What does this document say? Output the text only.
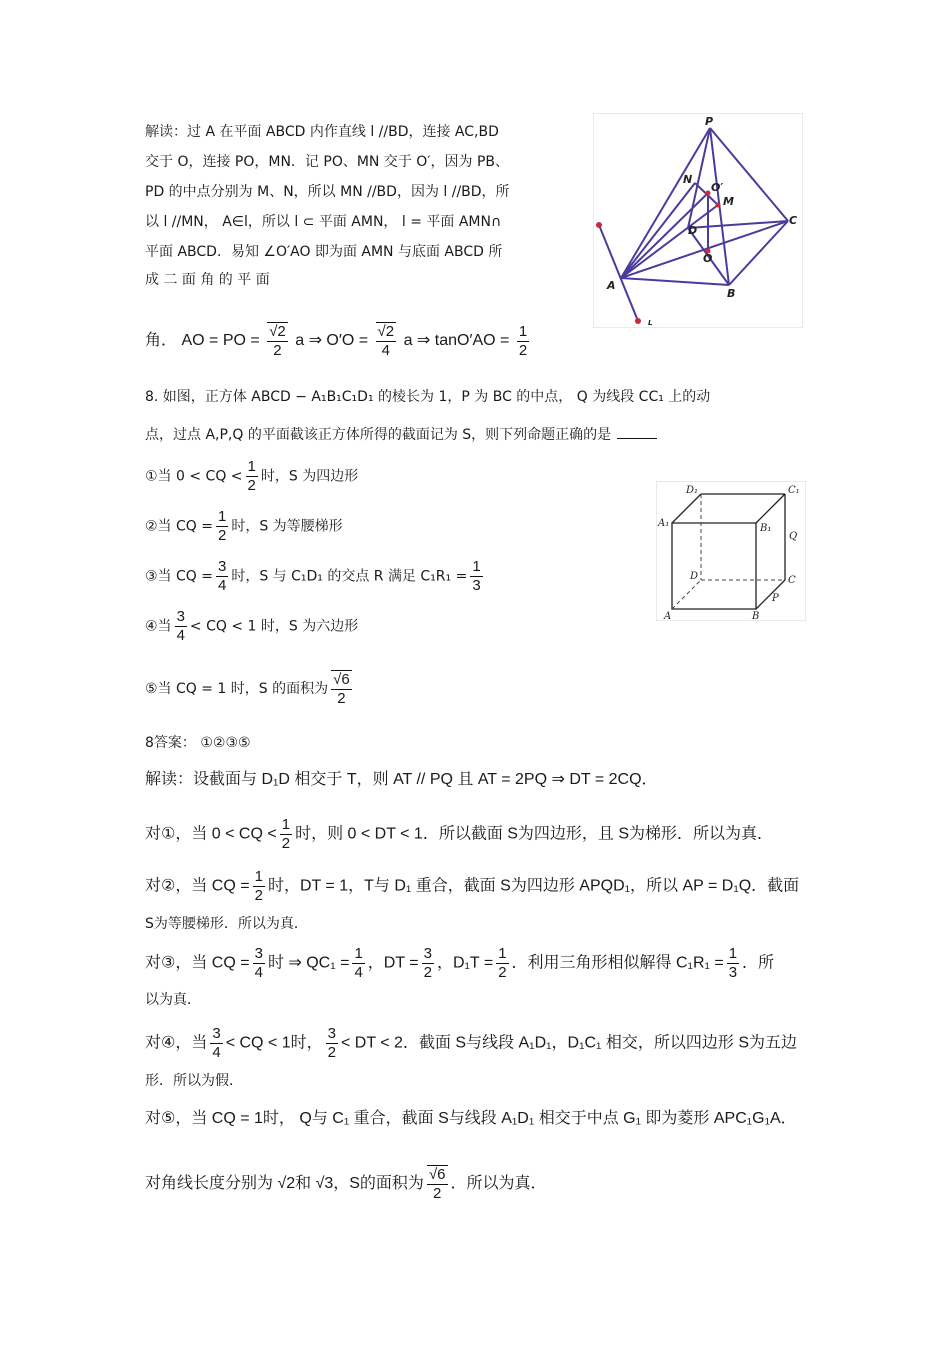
解读：过 A 在平面 ABCD 内作直线 l //BD，连接 AC,BD
交于 O，连接 PO，MN．记 PO、MN 交于 O′，因为 PB、
PD 的中点分别为 M、N，所以 MN //BD，因为 l //BD，所
以 l //MN， A∈l，所以 l ⊂ 平面 AMN， l = 平面 AMN∩
平面 ABCD．易知 ∠O′AO 即为面 AMN 与底面 ABCD 所
成 二 面 角 的 平 面
角． AO = PO = $\frac{√2}{2}$ a ⇒ $O'O = \frac{√2}{4}$ a ⇒ $\tan O'AO = \frac{1}{2}$
P
N
O′
M
D
C
A
O
B
L
8. 如图，正方体 ABCD − A₁B₁C₁D₁ 的棱长为 1，P 为 BC 的中点， Q 为线段 CC₁ 上的动
点，过点 A,P,Q 的平面截该正方体所得的截面记为 S，则下列命题正确的是
①当 0 < CQ < $\frac{1}{2}$ 时，S 为四边形
②当 CQ = $\frac{1}{2}$ 时，S 为等腰梯形
③当 CQ = $\frac{3}{4}$ 时，S 与 C₁D₁ 的交点 R 满足 $C_1R_1 = \frac{1}{3}$
④当 $\frac{3}{4}$ < CQ < 1 时，S 为六边形
⑤当 CQ = 1 时，S 的面积为 $\frac{√6}{2}$
D₁	C₁
A₁	B₁
Q
D	C
P
A	B
8答案： ①②③⑤
解读：设截面与 D₁D 相交于 T，则 AT // PQ 且 AT = 2PQ ⇒ DT = 2CQ．
对①，当 0 < CQ < $\frac{1}{2}$ 时，则 0 < DT < 1．所以截面 S为四边形，且 S为梯形．所以为真．
对②，当 CQ = $\frac{1}{2}$ 时，DT = 1，T与 D₁ 重合，截面 S为四边形 APQD₁，所以 AP = D₁Q．截面
S为等腰梯形．所以为真．
对③，当 CQ = $\frac{3}{4}$ 时 ⇒ $QC_1 = \frac{1}{4}$ ，DT = $\frac{3}{2}$ ，$D_1T = \frac{1}{2}$ ．利用三角形相似解得 $C_1R_1 = \frac{1}{3}$ ．所
以为真．
对④，当 $\frac{3}{4}$ < CQ < 1时， $\frac{3}{2}$ < DT < 2．截面 S与线段 A₁D₁，D₁C₁ 相交，所以四边形 S为五边
形．所以为假．
对⑤，当 CQ = 1时， Q与 C₁ 重合，截面 S与线段 A₁D₁ 相交于中点 G₁ 即为菱形 APC₁G₁A．
对角线长度分别为 √2和 √3，S的面积为 $\frac{√6}{2}$ ．所以为真．
